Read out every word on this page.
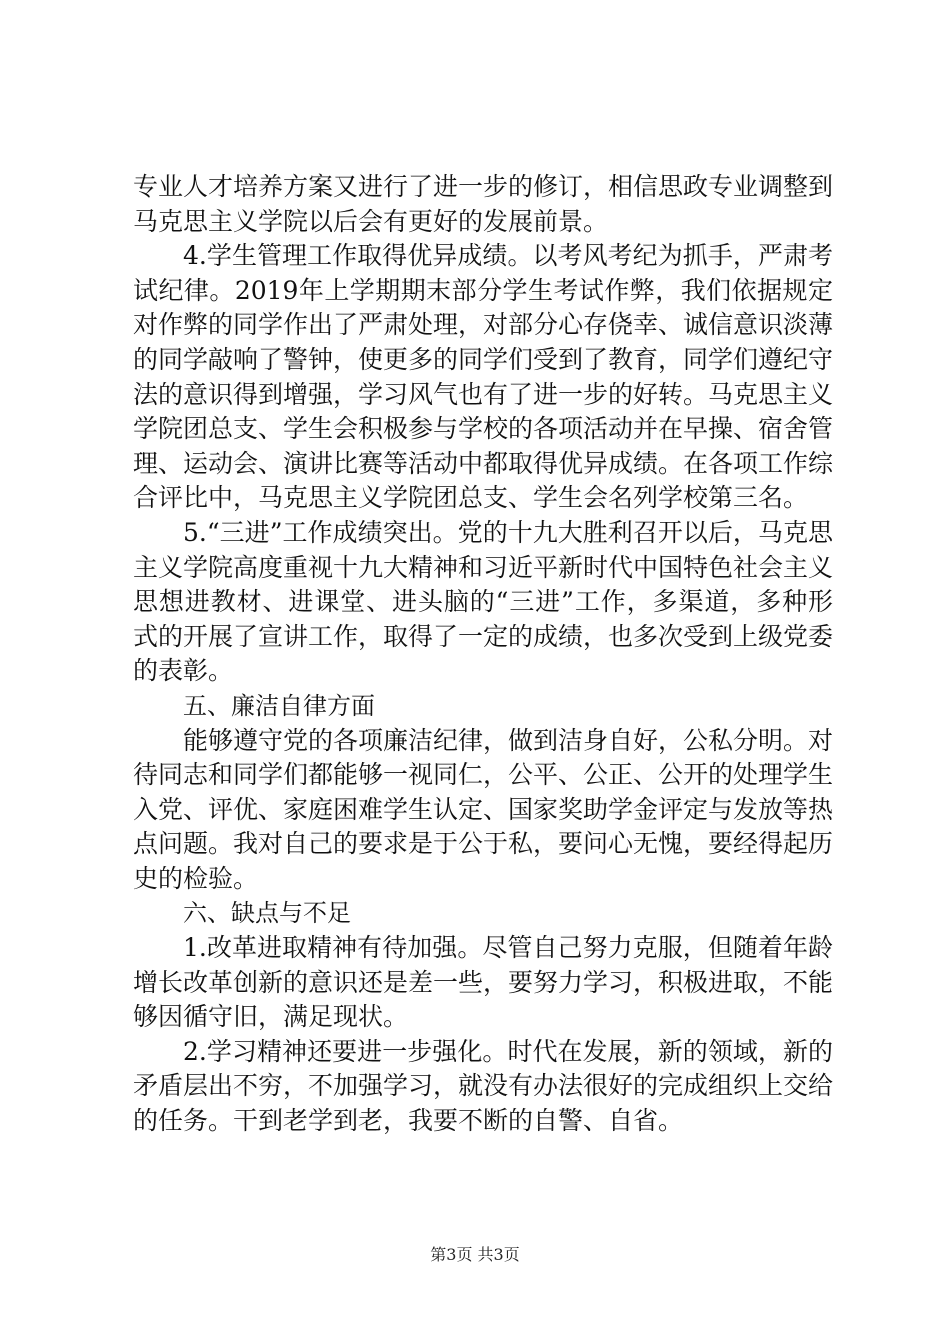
专业人才培养方案又进行了进一步的修订，相信思政专业调整到马克思主义学院以后会有更好的发展前景。

4.学生管理工作取得优异成绩。以考风考纪为抓手，严肃考试纪律。2019年上学期期末部分学生考试作弊，我们依据规定对作弊的同学作出了严肃处理，对部分心存侥幸、诚信意识淡薄的同学敲响了警钟，使更多的同学们受到了教育，同学们遵纪守法的意识得到增强，学习风气也有了进一步的好转。马克思主义学院团总支、学生会积极参与学校的各项活动并在早操、宿舍管理、运动会、演讲比赛等活动中都取得优异成绩。在各项工作综合评比中，马克思主义学院团总支、学生会名列学校第三名。

5.“三进”工作成绩突出。党的十九大胜利召开以后，马克思主义学院高度重视十九大精神和习近平新时代中国特色社会主义思想进教材、进课堂、进头脑的“三进”工作，多渠道，多种形式的开展了宣讲工作，取得了一定的成绩，也多次受到上级党委的表彰。

五、廉洁自律方面

能够遵守党的各项廉洁纪律，做到洁身自好，公私分明。对待同志和同学们都能够一视同仁，公平、公正、公开的处理学生入党、评优、家庭困难学生认定、国家奖助学金评定与发放等热点问题。我对自己的要求是于公于私，要问心无愧，要经得起历史的检验。

六、缺点与不足

1.改革进取精神有待加强。尽管自己努力克服，但随着年龄增长改革创新的意识还是差一些，要努力学习，积极进取，不能够因循守旧，满足现状。

2.学习精神还要进一步强化。时代在发展，新的领域，新的矛盾层出不穷，不加强学习，就没有办法很好的完成组织上交给的任务。干到老学到老，我要不断的自警、自省。

第3页 共3页
